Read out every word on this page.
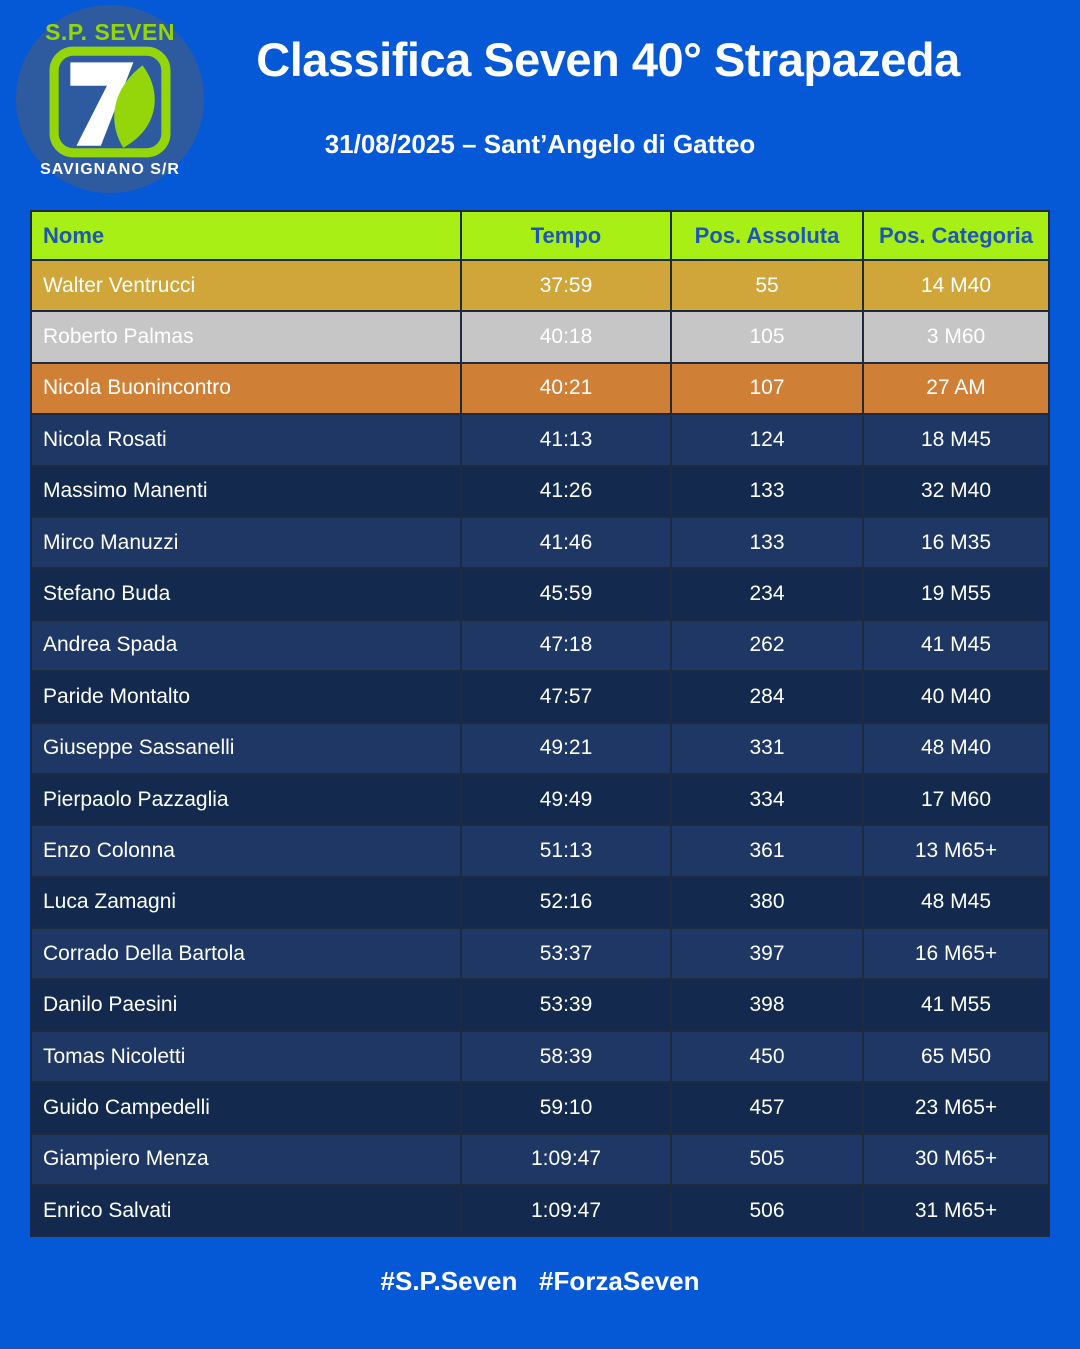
S.P. SEVEN
SAVIGNANO S/R
Classifica Seven 40° Strapazeda
31/08/2025 – Sant’Angelo di Gatteo
Nome	Tempo	Pos. Assoluta	Pos. Categoria
Walter Ventrucci	37:59	55	14 M40
Roberto Palmas	40:18	105	3 M60
Nicola Buonincontro	40:21	107	27 AM
Nicola Rosati	41:13	124	18 M45
Massimo Manenti	41:26	133	32 M40
Mirco Manuzzi	41:46	133	16 M35
Stefano Buda	45:59	234	19 M55
Andrea Spada	47:18	262	41 M45
Paride Montalto	47:57	284	40 M40
Giuseppe Sassanelli	49:21	331	48 M40
Pierpaolo Pazzaglia	49:49	334	17 M60
Enzo Colonna	51:13	361	13 M65+
Luca Zamagni	52:16	380	48 M45
Corrado Della Bartola	53:37	397	16 M65+
Danilo Paesini	53:39	398	41 M55
Tomas Nicoletti	58:39	450	65 M50
Guido Campedelli	59:10	457	23 M65+
Giampiero Menza	1:09:47	505	30 M65+
Enrico Salvati	1:09:47	506	31 M65+
#S.P.Seven   #ForzaSeven
